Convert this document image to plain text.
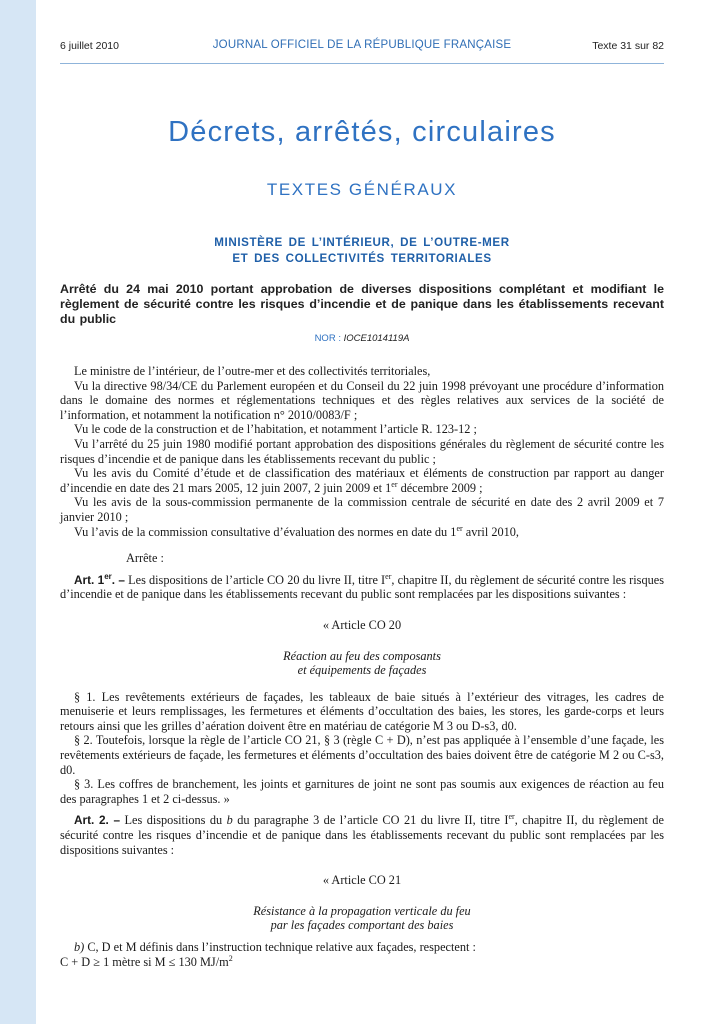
6 juillet 2010	JOURNAL OFFICIEL DE LA RÉPUBLIQUE FRANÇAISE	Texte 31 sur 82
Décrets, arrêtés, circulaires
TEXTES GÉNÉRAUX
MINISTÈRE DE L’INTÉRIEUR, DE L’OUTRE-MER
ET DES COLLECTIVITÉS TERRITORIALES
Arrêté du 24 mai 2010 portant approbation de diverses dispositions complétant et modifiant le règlement de sécurité contre les risques d’incendie et de panique dans les établissements recevant du public
NOR : IOCE1014119A

Le ministre de l’intérieur, de l’outre-mer et des collectivités territoriales,

Vu la directive 98/34/CE du Parlement européen et du Conseil du 22 juin 1998 prévoyant une procédure d’information dans le domaine des normes et réglementations techniques et des règles relatives aux services de la société de l’information, et notamment la notification n° 2010/0083/F ;

Vu le code de la construction et de l’habitation, et notamment l’article R. 123-12 ;

Vu l’arrêté du 25 juin 1980 modifié portant approbation des dispositions générales du règlement de sécurité contre les risques d’incendie et de panique dans les établissements recevant du public ;

Vu les avis du Comité d’étude et de classification des matériaux et éléments de construction par rapport au danger d’incendie en date des 21 mars 2005, 12 juin 2007, 2 juin 2009 et 1er décembre 2009 ;

Vu les avis de la sous-commission permanente de la commission centrale de sécurité en date des 2 avril 2009 et 7 janvier 2010 ;

Vu l’avis de la commission consultative d’évaluation des normes en date du 1er avril 2010,

Arrête :

Art. 1er. – Les dispositions de l’article CO 20 du livre II, titre Ier, chapitre II, du règlement de sécurité contre les risques d’incendie et de panique dans les établissements recevant du public sont remplacées par les dispositions suivantes :

« Article CO 20

Réaction au feu des composants

et équipements de façades

§ 1. Les revêtements extérieurs de façades, les tableaux de baie situés à l’extérieur des vitrages, les cadres de menuiserie et leurs remplissages, les fermetures et éléments d’occultation des baies, les stores, les garde-corps et leurs retours ainsi que les grilles d’aération doivent être en matériau de catégorie M 3 ou D-s3, d0.

§ 2. Toutefois, lorsque la règle de l’article CO 21, § 3 (règle C + D), n’est pas appliquée à l’ensemble d’une façade, les revêtements extérieurs de façade, les fermetures et éléments d’occultation des baies doivent être de catégorie M 2 ou C-s3, d0.

§ 3. Les coffres de branchement, les joints et garnitures de joint ne sont pas soumis aux exigences de réaction au feu des paragraphes 1 et 2 ci-dessus. »

Art. 2. – Les dispositions du b du paragraphe 3 de l’article CO 21 du livre II, titre Ier, chapitre II, du règlement de sécurité contre les risques d’incendie et de panique dans les établissements recevant du public sont remplacées par les dispositions suivantes :

« Article CO 21

Résistance à la propagation verticale du feu

par les façades comportant des baies

b) C, D et M définis dans l’instruction technique relative aux façades, respectent :

C + D ≥ 1 mètre si M ≤ 130 $MJ/m^2$
